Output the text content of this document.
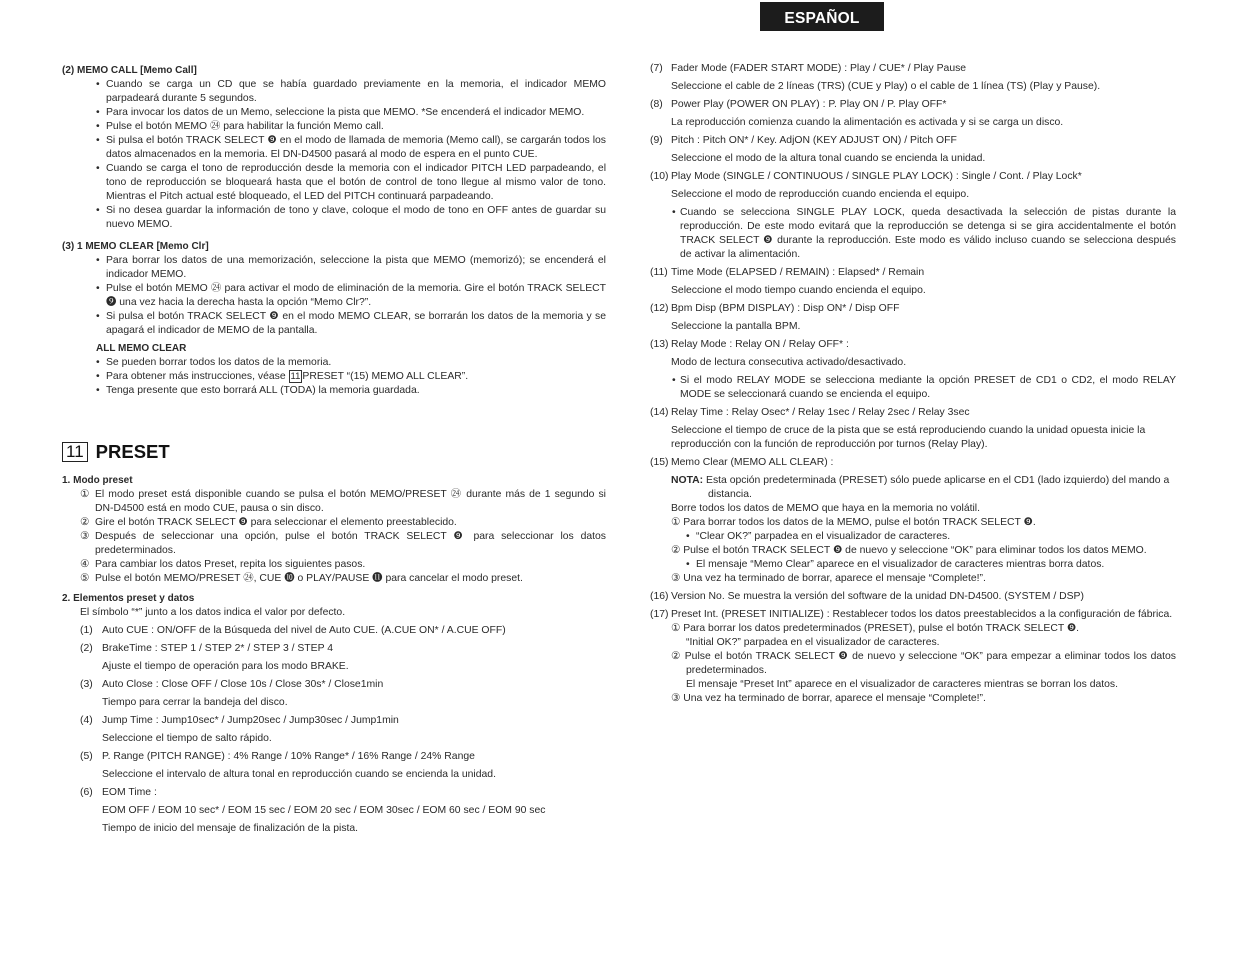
ESPAÑOL

(2) MEMO CALL [Memo Call]

• Cuando se carga un CD que se había guardado previamente en la memoria, el indicador MEMO parpadeará durante 5 segundos.

• Para invocar los datos de un Memo, seleccione la pista que MEMO. *Se encenderá el indicador MEMO.

• Pulse el botón MEMO ㉔ para habilitar la función Memo call.

• Si pulsa el botón TRACK SELECT ❾ en el modo de llamada de memoria (Memo call), se cargarán todos los datos almacenados en la memoria. El DN-D4500 pasará al modo de espera en el punto CUE.

• Cuando se carga el tono de reproducción desde la memoria con el indicador PITCH LED parpadeando, el tono de reproducción se bloqueará hasta que el botón de control de tono llegue al mismo valor de tono. Mientras el Pitch actual esté bloqueado, el LED del PITCH continuará parpadeando.

• Si no desea guardar la información de tono y clave, coloque el modo de tono en OFF antes de guardar su nuevo MEMO.

(3) 1 MEMO CLEAR [Memo Clr]

• Para borrar los datos de una memorización, seleccione la pista que MEMO (memorizó); se encenderá el indicador MEMO.

• Pulse el botón MEMO ㉔ para activar el modo de eliminación de la memoria. Gire el botón TRACK SELECT ❾ una vez hacia la derecha hasta la opción “Memo Clr?”.

• Si pulsa el botón TRACK SELECT ❾ en el modo MEMO CLEAR, se borrarán los datos de la memoria y se apagará el indicador de MEMO de la pantalla.

ALL MEMO CLEAR

• Se pueden borrar todos los datos de la memoria.

• Para obtener más instrucciones, véase 11 PRESET “(15) MEMO ALL CLEAR”.

• Tenga presente que esto borrará ALL (TODA) la memoria guardada.

11 PRESET

1. Modo preset

① El modo preset está disponible cuando se pulsa el botón MEMO/PRESET ㉔ durante más de 1 segundo si DN-D4500 está en modo CUE, pausa o sin disco.

② Gire el botón TRACK SELECT ❾ para seleccionar el elemento preestablecido.

③ Después de seleccionar una opción, pulse el botón TRACK SELECT ❾ para seleccionar los datos predeterminados.

④ Para cambiar los datos Preset, repita los siguientes pasos.

⑤ Pulse el botón MEMO/PRESET ㉔, CUE ❿ o PLAY/PAUSE ⓫ para cancelar el modo preset.

2. Elementos preset y datos

El símbolo “*” junto a los datos indica el valor por defecto.

(1) Auto CUE : ON/OFF de la Búsqueda del nivel de Auto CUE. (A.CUE ON* / A.CUE OFF)

(2) BrakeTime : STEP 1 / STEP 2* / STEP 3 / STEP 4

Ajuste el tiempo de operación para los modo BRAKE.

(3) Auto Close : Close OFF / Close 10s / Close 30s* / Close1min

Tiempo para cerrar la bandeja del disco.

(4) Jump Time : Jump10sec* / Jump20sec / Jump30sec / Jump1min

Seleccione el tiempo de salto rápido.

(5) P. Range (PITCH RANGE) : 4% Range / 10% Range* / 16% Range / 24% Range

Seleccione el intervalo de altura tonal en reproducción cuando se encienda la unidad.

(6) EOM Time :

EOM OFF / EOM 10 sec* / EOM 15 sec / EOM 20 sec / EOM 30sec / EOM 60 sec / EOM 90 sec

Tiempo de inicio del mensaje de finalización de la pista.

(7) Fader Mode (FADER START MODE) : Play / CUE* / Play Pause

Seleccione el cable de 2 líneas (TRS) (CUE y Play) o el cable de 1 línea (TS) (Play y Pause).

(8) Power Play (POWER ON PLAY) : P. Play ON / P. Play OFF*

La reproducción comienza cuando la alimentación es activada y si se carga un disco.

(9) Pitch : Pitch ON* / Key. AdjON (KEY ADJUST ON) / Pitch OFF

Seleccione el modo de la altura tonal cuando se encienda la unidad.

(10) Play Mode (SINGLE / CONTINUOUS / SINGLE PLAY LOCK) : Single / Cont. / Play Lock*

Seleccione el modo de reproducción cuando encienda el equipo.

• Cuando se selecciona SINGLE PLAY LOCK, queda desactivada la selección de pistas durante la reproducción. De este modo evitará que la reproducción se detenga si se gira accidentalmente el botón TRACK SELECT ❾ durante la reproducción. Este modo es válido incluso cuando se selecciona después de activar la alimentación.

(11) Time Mode (ELAPSED / REMAIN) : Elapsed* / Remain

Seleccione el modo tiempo cuando encienda el equipo.

(12) Bpm Disp (BPM DISPLAY) : Disp ON* / Disp OFF

Seleccione la pantalla BPM.

(13) Relay Mode : Relay ON / Relay OFF* :

Modo de lectura consecutiva activado/desactivado.

• Si el modo RELAY MODE se selecciona mediante la opción PRESET de CD1 o CD2, el modo RELAY MODE se seleccionará cuando se encienda el equipo.

(14) Relay Time : Relay Osec* / Relay 1sec / Relay 2sec / Relay 3sec

Seleccione el tiempo de cruce de la pista que se está reproduciendo cuando la unidad opuesta inicie la reproducción con la función de reproducción por turnos (Relay Play).

(15) Memo Clear (MEMO ALL CLEAR) :

NOTA: Esta opción predeterminada (PRESET) sólo puede aplicarse en el CD1 (lado izquierdo) del mando a distancia.

Borre todos los datos de MEMO que haya en la memoria no volátil.

① Para borrar todos los datos de la MEMO, pulse el botón TRACK SELECT ❾.

• “Clear OK?” parpadea en el visualizador de caracteres.

② Pulse el botón TRACK SELECT ❾ de nuevo y seleccione “OK” para eliminar todos los datos MEMO.

• El mensaje “Memo Clear” aparece en el visualizador de caracteres mientras borra datos.

③ Una vez ha terminado de borrar, aparece el mensaje “Complete!”.

(16) Version No. Se muestra la versión del software de la unidad DN-D4500. (SYSTEM / DSP)

(17) Preset Int. (PRESET INITIALIZE) : Restablecer todos los datos preestablecidos a la configuración de fábrica.

① Para borrar los datos predeterminados (PRESET), pulse el botón TRACK SELECT ❾.

“Initial OK?” parpadea en el visualizador de caracteres.

② Pulse el botón TRACK SELECT ❾ de nuevo y seleccione “OK” para empezar a eliminar todos los datos predeterminados.

El mensaje “Preset Int” aparece en el visualizador de caracteres mientras se borran los datos.

③ Una vez ha terminado de borrar, aparece el mensaje “Complete!”.
